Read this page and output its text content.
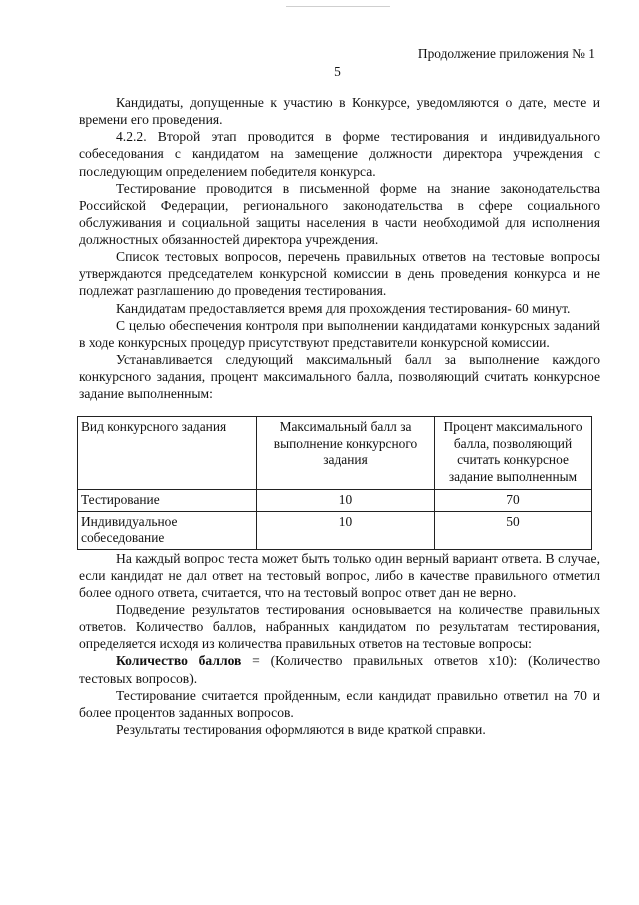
Продолжение приложения № 1
5

Кандидаты, допущенные к участию в Конкурсе, уведомляются о дате, месте и времени его проведения.

4.2.2. Второй этап проводится в форме тестирования и индивидуального собеседования с кандидатом на замещение должности директора учреждения с последующим определением победителя конкурса.

Тестирование проводится в письменной форме на знание законодательства Российской Федерации, регионального законодательства в сфере социального обслуживания и социальной защиты населения в части необходимой для исполнения должностных обязанностей директора учреждения.

Список тестовых вопросов, перечень правильных ответов на тестовые вопросы утверждаются председателем конкурсной комиссии в день проведения конкурса и не подлежат разглашению до проведения тестирования.

Кандидатам предоставляется время для прохождения тестирования- 60 минут.

С целью обеспечения контроля при выполнении кандидатами конкурсных заданий в ходе конкурсных процедур присутствуют представители конкурсной комиссии.

Устанавливается следующий максимальный балл за выполнение каждого конкурсного задания, процент максимального балла, позволяющий считать конкурсное задание выполненным:

Вид конкурсного задания	Максимальный балл за выполнение конкурсного задания	Процент максимального балла, позволяющий считать конкурсное задание выполненным
Тестирование	10	70
Индивидуальное собеседование	10	50

На каждый вопрос теста может быть только один верный вариант ответа. В случае, если кандидат не дал ответ на тестовый вопрос, либо в качестве правильного отметил более одного ответа, считается, что на тестовый вопрос ответ дан не верно.

Подведение результатов тестирования основывается на количестве правильных ответов. Количество баллов, набранных кандидатом по результатам тестирования, определяется исходя из количества правильных ответов на тестовые вопросы:

Количество баллов = (Количество правильных ответов х10): (Количество тестовых вопросов).

Тестирование считается пройденным, если кандидат правильно ответил на 70 и более процентов заданных вопросов.

Результаты тестирования оформляются в виде краткой справки.
